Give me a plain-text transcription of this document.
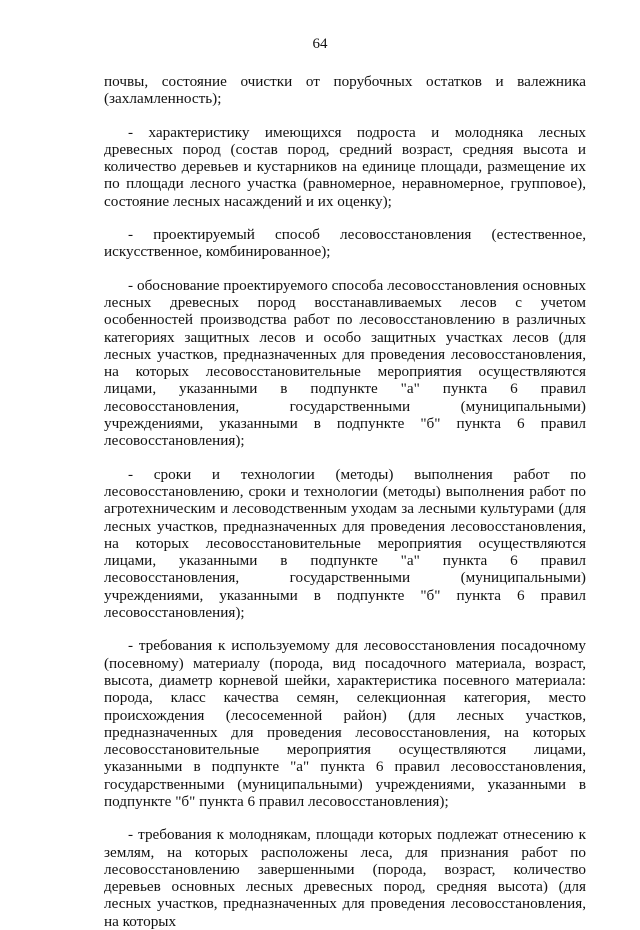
64

почвы, состояние очистки от порубочных остатков и валежника (захламленность);

- характеристику имеющихся подроста и молодняка лесных древесных пород (состав пород, средний возраст, средняя высота и количество деревьев и кустарников на единице площади, размещение их по площади лесного участка (равномерное, неравномерное, групповое), состояние лесных насаждений и их оценку);

- проектируемый способ лесовосстановления (естественное, искусственное, комбинированное);

- обоснование проектируемого способа лесовосстановления основных лесных древесных пород восстанавливаемых лесов с учетом особенностей производства работ по лесовосстановлению в различных категориях защитных лесов и особо защитных участках лесов (для лесных участков, предназначенных для проведения лесовосстановления, на которых лесовосстановительные мероприятия осуществляются лицами, указанными в подпункте "а" пункта 6 правил лесовосстановления, государственными (муниципальными) учреждениями, указанными в подпункте "б" пункта 6 правил лесовосстановления);

- сроки и технологии (методы) выполнения работ по лесовосстановлению, сроки и технологии (методы) выполнения работ по агротехническим и лесоводственным уходам за лесными культурами (для лесных участков, предназначенных для проведения лесовосстановления, на которых лесовосстановительные мероприятия осуществляются лицами, указанными в подпункте "а" пункта 6 правил лесовосстановления, государственными (муниципальными) учреждениями, указанными в подпункте "б" пункта 6 правил лесовосстановления);

- требования к используемому для лесовосстановления посадочному (посевному) материалу (порода, вид посадочного материала, возраст, высота, диаметр корневой шейки, характеристика посевного материала: порода, класс качества семян, селекционная категория, место происхождения (лесосеменной район) (для лесных участков, предназначенных для проведения лесовосстановления, на которых лесовосстановительные мероприятия осуществляются лицами, указанными в подпункте "а" пункта 6 правил лесовосстановления, государственными (муниципальными) учреждениями, указанными в подпункте "б" пункта 6 правил лесовосстановления);

- требования к молоднякам, площади которых подлежат отнесению к землям, на которых расположены леса, для признания работ по лесовосстановлению завершенными (порода, возраст, количество деревьев основных лесных древесных пород, средняя высота) (для лесных участков, предназначенных для проведения лесовосстановления, на которых
